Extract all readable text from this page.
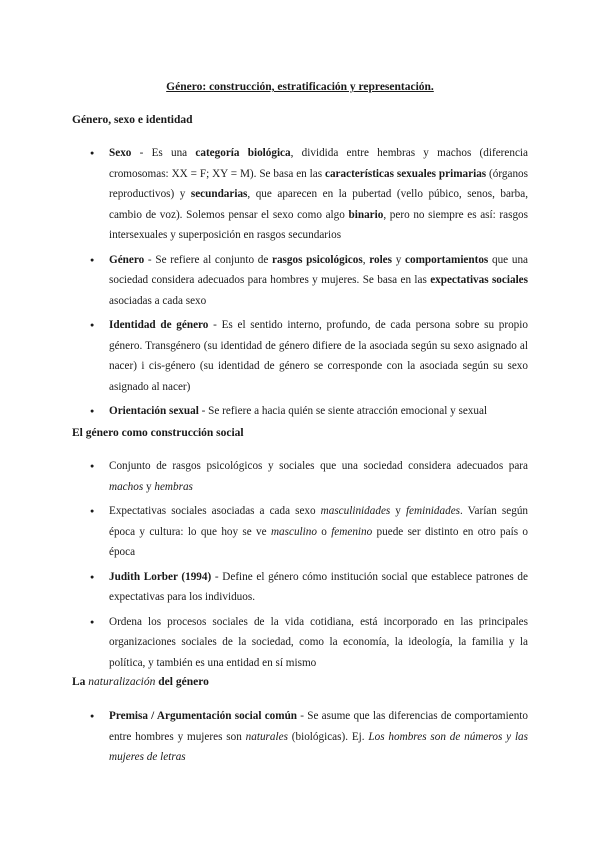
Género: construcción, estratificación y representación.
Género, sexo e identidad
● Sexo - Es una categoría biológica, dividida entre hembras y machos (diferencia cromosomas: XX = F; XY = M). Se basa en las características sexuales primarias (órganos reproductivos) y secundarias, que aparecen en la pubertad (vello púbico, senos, barba, cambio de voz). Solemos pensar el sexo como algo binario, pero no siempre es así: rasgos intersexuales y superposición en rasgos secundarios
● Género - Se refiere al conjunto de rasgos psicológicos, roles y comportamientos que una sociedad considera adecuados para hombres y mujeres. Se basa en las expectativas sociales asociadas a cada sexo
● Identidad de género - Es el sentido interno, profundo, de cada persona sobre su propio género. Transgénero (su identidad de género difiere de la asociada según su sexo asignado al nacer) i cis-género (su identidad de género se corresponde con la asociada según su sexo asignado al nacer)
● Orientación sexual - Se refiere a hacia quién se siente atracción emocional y sexual
El género como construcción social
● Conjunto de rasgos psicológicos y sociales que una sociedad considera adecuados para machos y hembras
● Expectativas sociales asociadas a cada sexo masculinidades y feminidades. Varían según época y cultura: lo que hoy se ve masculino o femenino puede ser distinto en otro país o época
● Judith Lorber (1994) - Define el género cómo institución social que establece patrones de expectativas para los individuos.
● Ordena los procesos sociales de la vida cotidiana, está incorporado en las principales organizaciones sociales de la sociedad, como la economía, la ideología, la familia y la política, y también es una entidad en sí mismo
La naturalización del género
● Premisa / Argumentación social común - Se asume que las diferencias de comportamiento entre hombres y mujeres son naturales (biológicas). Ej. Los hombres son de números y las mujeres de letras
